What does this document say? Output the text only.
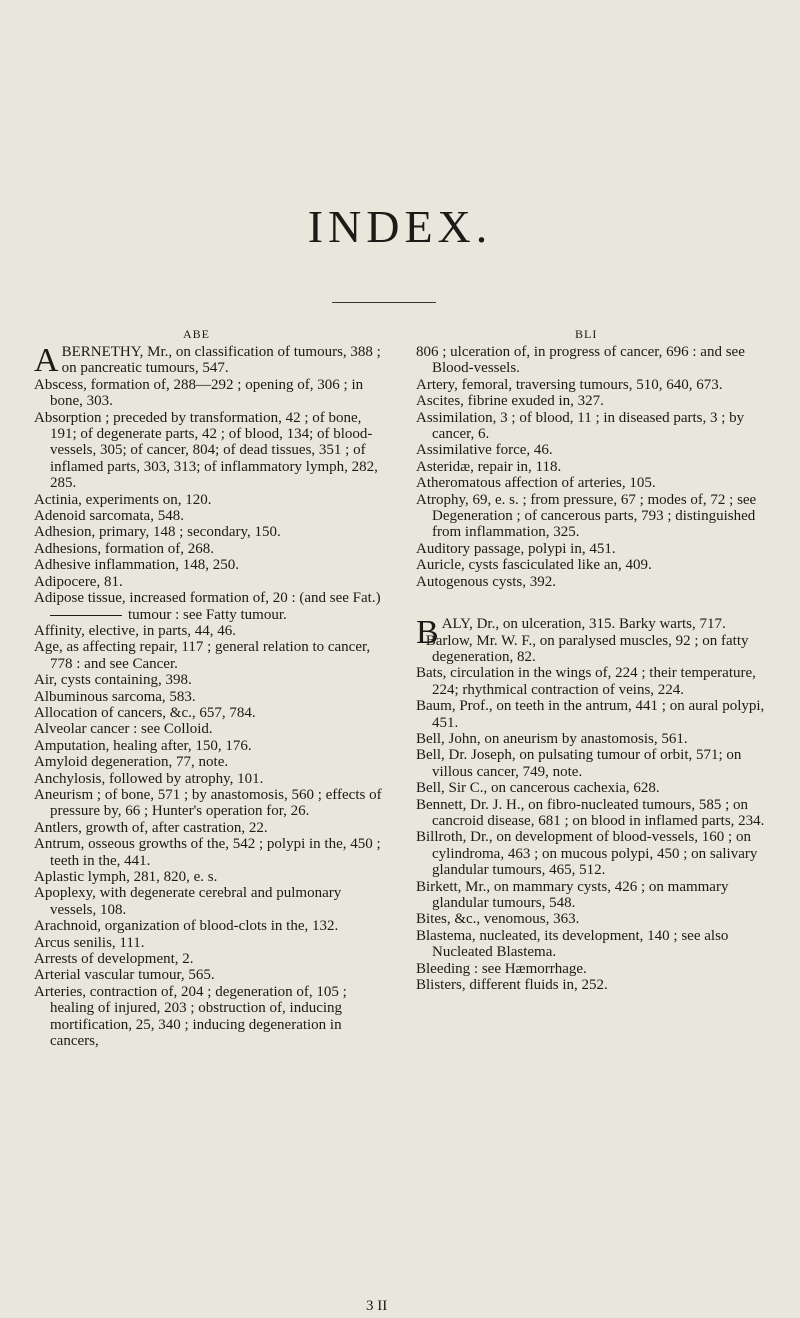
INDEX.
ABE	BLI

ABERNETHY, Mr., on classification of tumours, 388 ; on pancreatic tumours, 547.

Abscess, formation of, 288—292 ; opening of, 306 ; in bone, 303.

Absorption ; preceded by transformation, 42 ; of bone, 191; of degenerate parts, 42 ; of blood, 134; of blood-vessels, 305; of cancer, 804; of dead tissues, 351 ; of inflamed parts, 303, 313; of inflammatory lymph, 282, 285.

Actinia, experiments on, 120.

Adenoid sarcomata, 548.

Adhesion, primary, 148 ; secondary, 150.

Adhesions, formation of, 268.

Adhesive inflammation, 148, 250.

Adipocere, 81.

Adipose tissue, increased formation of, 20 : (and see Fat.)

tumour : see Fatty tumour.

Affinity, elective, in parts, 44, 46.

Age, as affecting repair, 117 ; general relation to cancer, 778 : and see Cancer.

Air, cysts containing, 398.

Albuminous sarcoma, 583.

Allocation of cancers, &c., 657, 784.

Alveolar cancer : see Colloid.

Amputation, healing after, 150, 176.

Amyloid degeneration, 77, note.

Anchylosis, followed by atrophy, 101.

Aneurism ; of bone, 571 ; by anastomosis, 560 ; effects of pressure by, 66 ; Hunter's operation for, 26.

Antlers, growth of, after castration, 22.

Antrum, osseous growths of the, 542 ; polypi in the, 450 ; teeth in the, 441.

Aplastic lymph, 281, 820, e. s.

Apoplexy, with degenerate cerebral and pulmonary vessels, 108.

Arachnoid, organization of blood-clots in the, 132.

Arcus senilis, 111.

Arrests of development, 2.

Arterial vascular tumour, 565.

Arteries, contraction of, 204 ; degeneration of, 105 ; healing of injured, 203 ; obstruction of, inducing mortification, 25, 340 ; inducing degeneration in cancers,

806 ; ulceration of, in progress of cancer, 696 : and see Blood-vessels.

Artery, femoral, traversing tumours, 510, 640, 673.

Ascites, fibrine exuded in, 327.

Assimilation, 3 ; of blood, 11 ; in diseased parts, 3 ; by cancer, 6.

Assimilative force, 46.

Asteridæ, repair in, 118.

Atheromatous affection of arteries, 105.

Atrophy, 69, e. s. ; from pressure, 67 ; modes of, 72 ; see Degeneration ; of cancerous parts, 793 ; distinguished from inflammation, 325.

Auditory passage, polypi in, 451.

Auricle, cysts fasciculated like an, 409.

Autogenous cysts, 392.

BALY, Dr., on ulceration, 315. Barky warts, 717.

Barlow, Mr. W. F., on paralysed muscles, 92 ; on fatty degeneration, 82.

Bats, circulation in the wings of, 224 ; their temperature, 224; rhythmical contraction of veins, 224.

Baum, Prof., on teeth in the antrum, 441 ; on aural polypi, 451.

Bell, John, on aneurism by anastomosis, 561.

Bell, Dr. Joseph, on pulsating tumour of orbit, 571; on villous cancer, 749, note.

Bell, Sir C., on cancerous cachexia, 628.

Bennett, Dr. J. H., on fibro-nucleated tumours, 585 ; on cancroid disease, 681 ; on blood in inflamed parts, 234.

Billroth, Dr., on development of blood-vessels, 160 ; on cylindroma, 463 ; on mucous polypi, 450 ; on salivary glandular tumours, 465, 512.

Birkett, Mr., on mammary cysts, 426 ; on mammary glandular tumours, 548.

Bites, &c., venomous, 363.

Blastema, nucleated, its development, 140 ; see also Nucleated Blastema.

Bleeding : see Hæmorrhage.

Blisters, different fluids in, 252.

3 II
